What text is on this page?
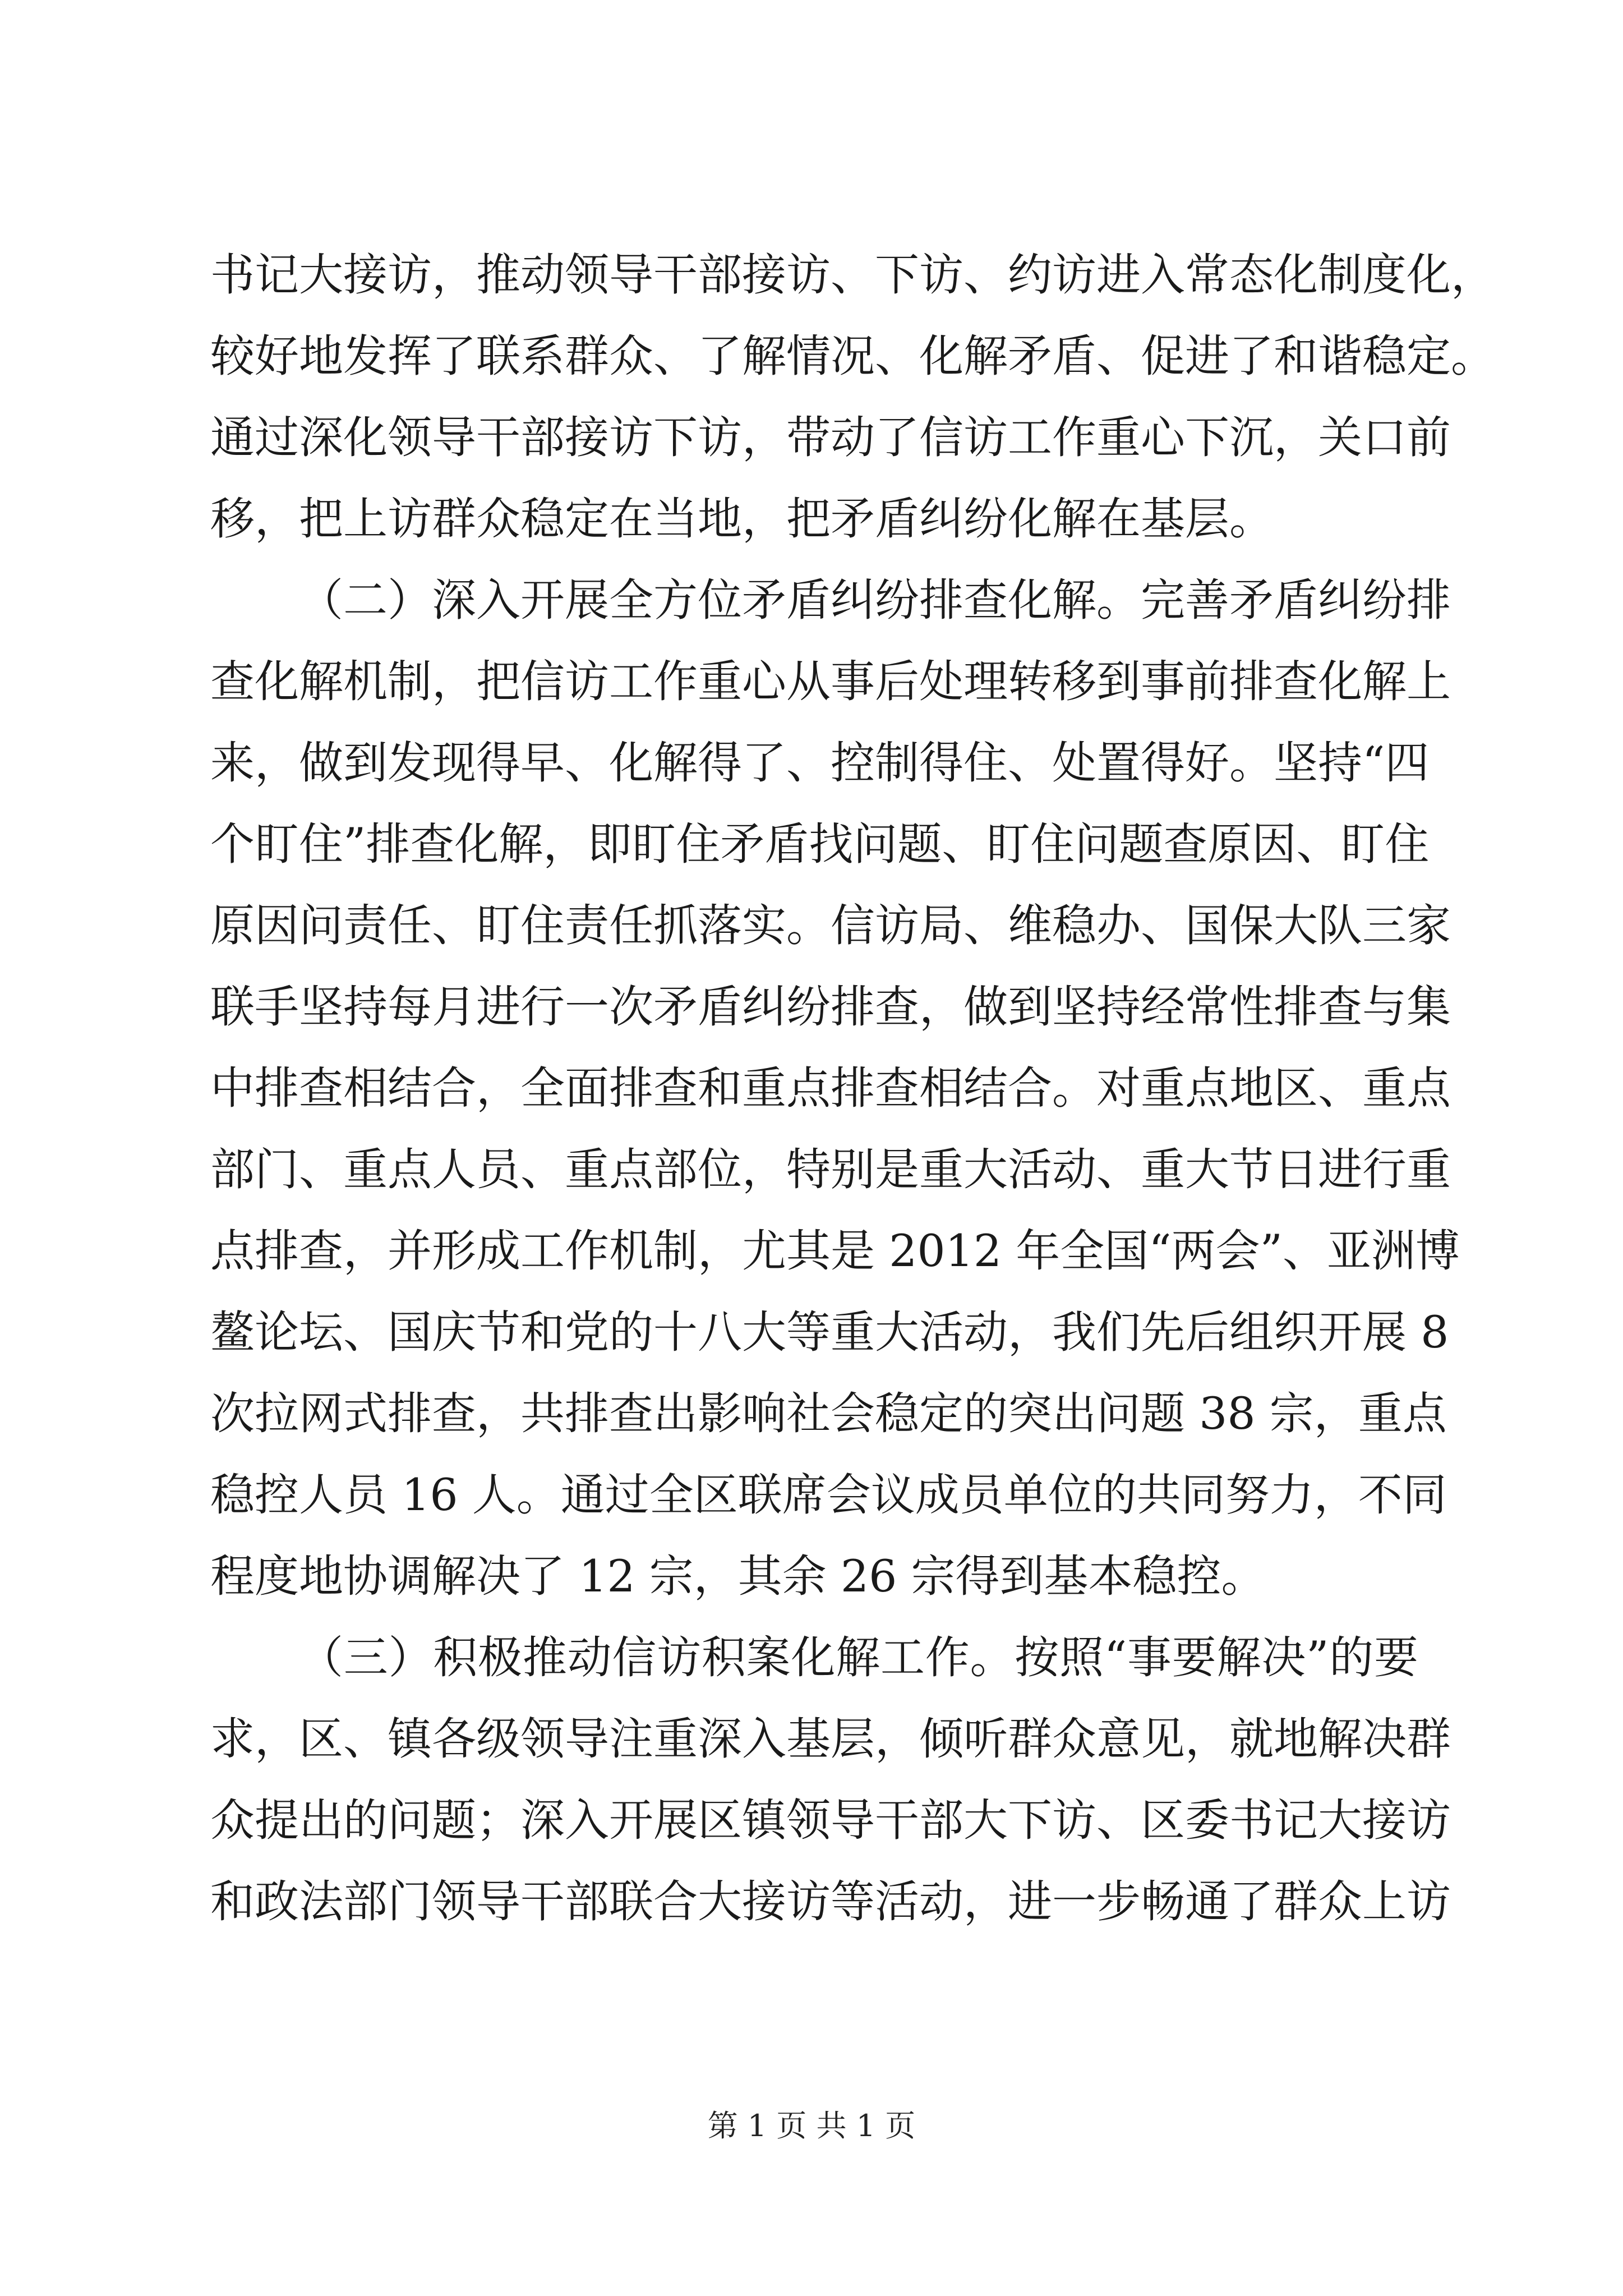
书记大接访，推动领导干部接访、下访、约访进入常态化制度化，
较好地发挥了联系群众、了解情况、化解矛盾、促进了和谐稳定。
通过深化领导干部接访下访，带动了信访工作重心下沉，关口前
移，把上访群众稳定在当地，把矛盾纠纷化解在基层。
（二）深入开展全方位矛盾纠纷排查化解。完善矛盾纠纷排
查化解机制，把信访工作重心从事后处理转移到事前排查化解上
来，做到发现得早、化解得了、控制得住、处置得好。坚持“四
个盯住”排查化解，即盯住矛盾找问题、盯住问题查原因、盯住
原因问责任、盯住责任抓落实。信访局、维稳办、国保大队三家
联手坚持每月进行一次矛盾纠纷排查，做到坚持经常性排查与集
中排查相结合，全面排查和重点排查相结合。对重点地区、重点
部门、重点人员、重点部位，特别是重大活动、重大节日进行重
点排查，并形成工作机制，尤其是 2012 年全国“两会”、亚洲博
鳌论坛、国庆节和党的十八大等重大活动，我们先后组织开展 8
次拉网式排查，共排查出影响社会稳定的突出问题 38 宗，重点
稳控人员 16 人。通过全区联席会议成员单位的共同努力，不同
程度地协调解决了 12 宗，其余 26 宗得到基本稳控。
（三）积极推动信访积案化解工作。按照“事要解决”的要
求，区、镇各级领导注重深入基层，倾听群众意见，就地解决群
众提出的问题；深入开展区镇领导干部大下访、区委书记大接访
和政法部门领导干部联合大接访等活动，进一步畅通了群众上访
第 1 页 共 1 页
